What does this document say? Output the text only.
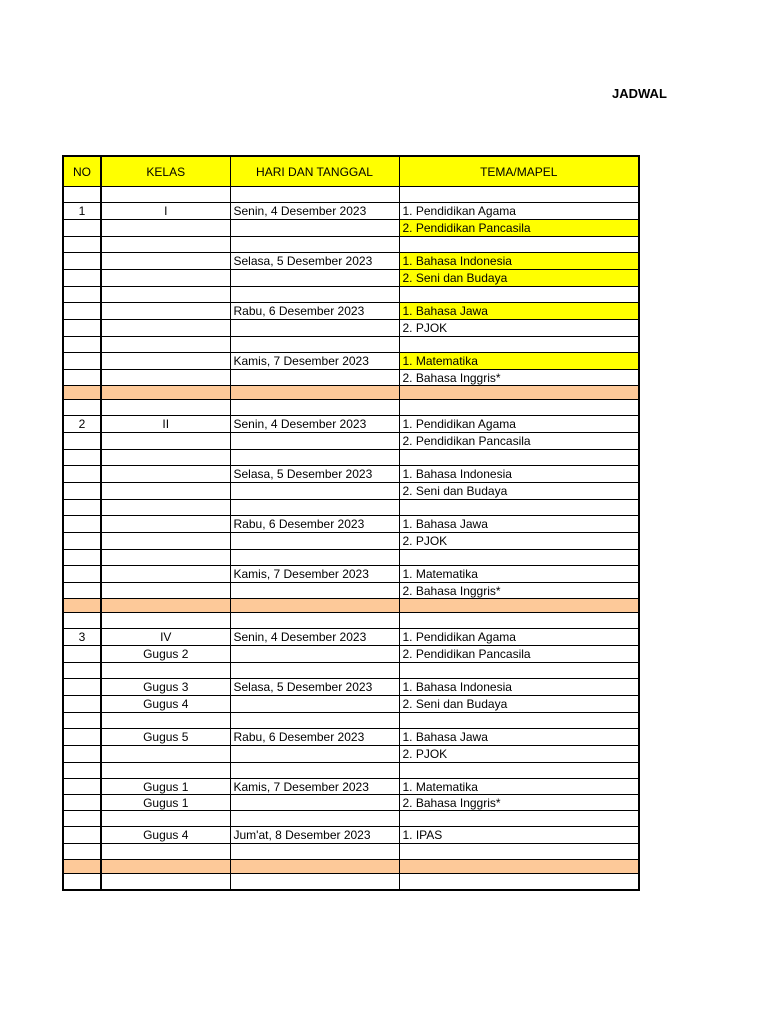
JADWAL
NO	KELAS	HARI DAN TANGGAL	TEMA/MAPEL

1	I	Senin, 4 Desember 2023	1. Pendidikan Agama
			2. Pendidikan Pancasila

		Selasa, 5 Desember 2023	1. Bahasa Indonesia
			2. Seni dan Budaya

		Rabu, 6 Desember 2023	1. Bahasa Jawa
			2. PJOK

		Kamis, 7 Desember 2023	1. Matematika
			2. Bahasa Inggris*

2	II	Senin, 4 Desember 2023	1. Pendidikan Agama
			2. Pendidikan Pancasila

		Selasa, 5 Desember 2023	1. Bahasa Indonesia
			2. Seni dan Budaya

		Rabu, 6 Desember 2023	1. Bahasa Jawa
			2. PJOK

		Kamis, 7 Desember 2023	1. Matematika
			2. Bahasa Inggris*

3	IV	Senin, 4 Desember 2023	1. Pendidikan Agama
	Gugus 2		2. Pendidikan Pancasila

	Gugus 3	Selasa, 5 Desember 2023	1. Bahasa Indonesia
	Gugus 4		2. Seni dan Budaya

	Gugus 5	Rabu, 6 Desember 2023	1. Bahasa Jawa
			2. PJOK

	Gugus 1	Kamis, 7 Desember 2023	1. Matematika
	Gugus 1		2. Bahasa Inggris*

	Gugus 4	Jum'at, 8 Desember 2023	1. IPAS
